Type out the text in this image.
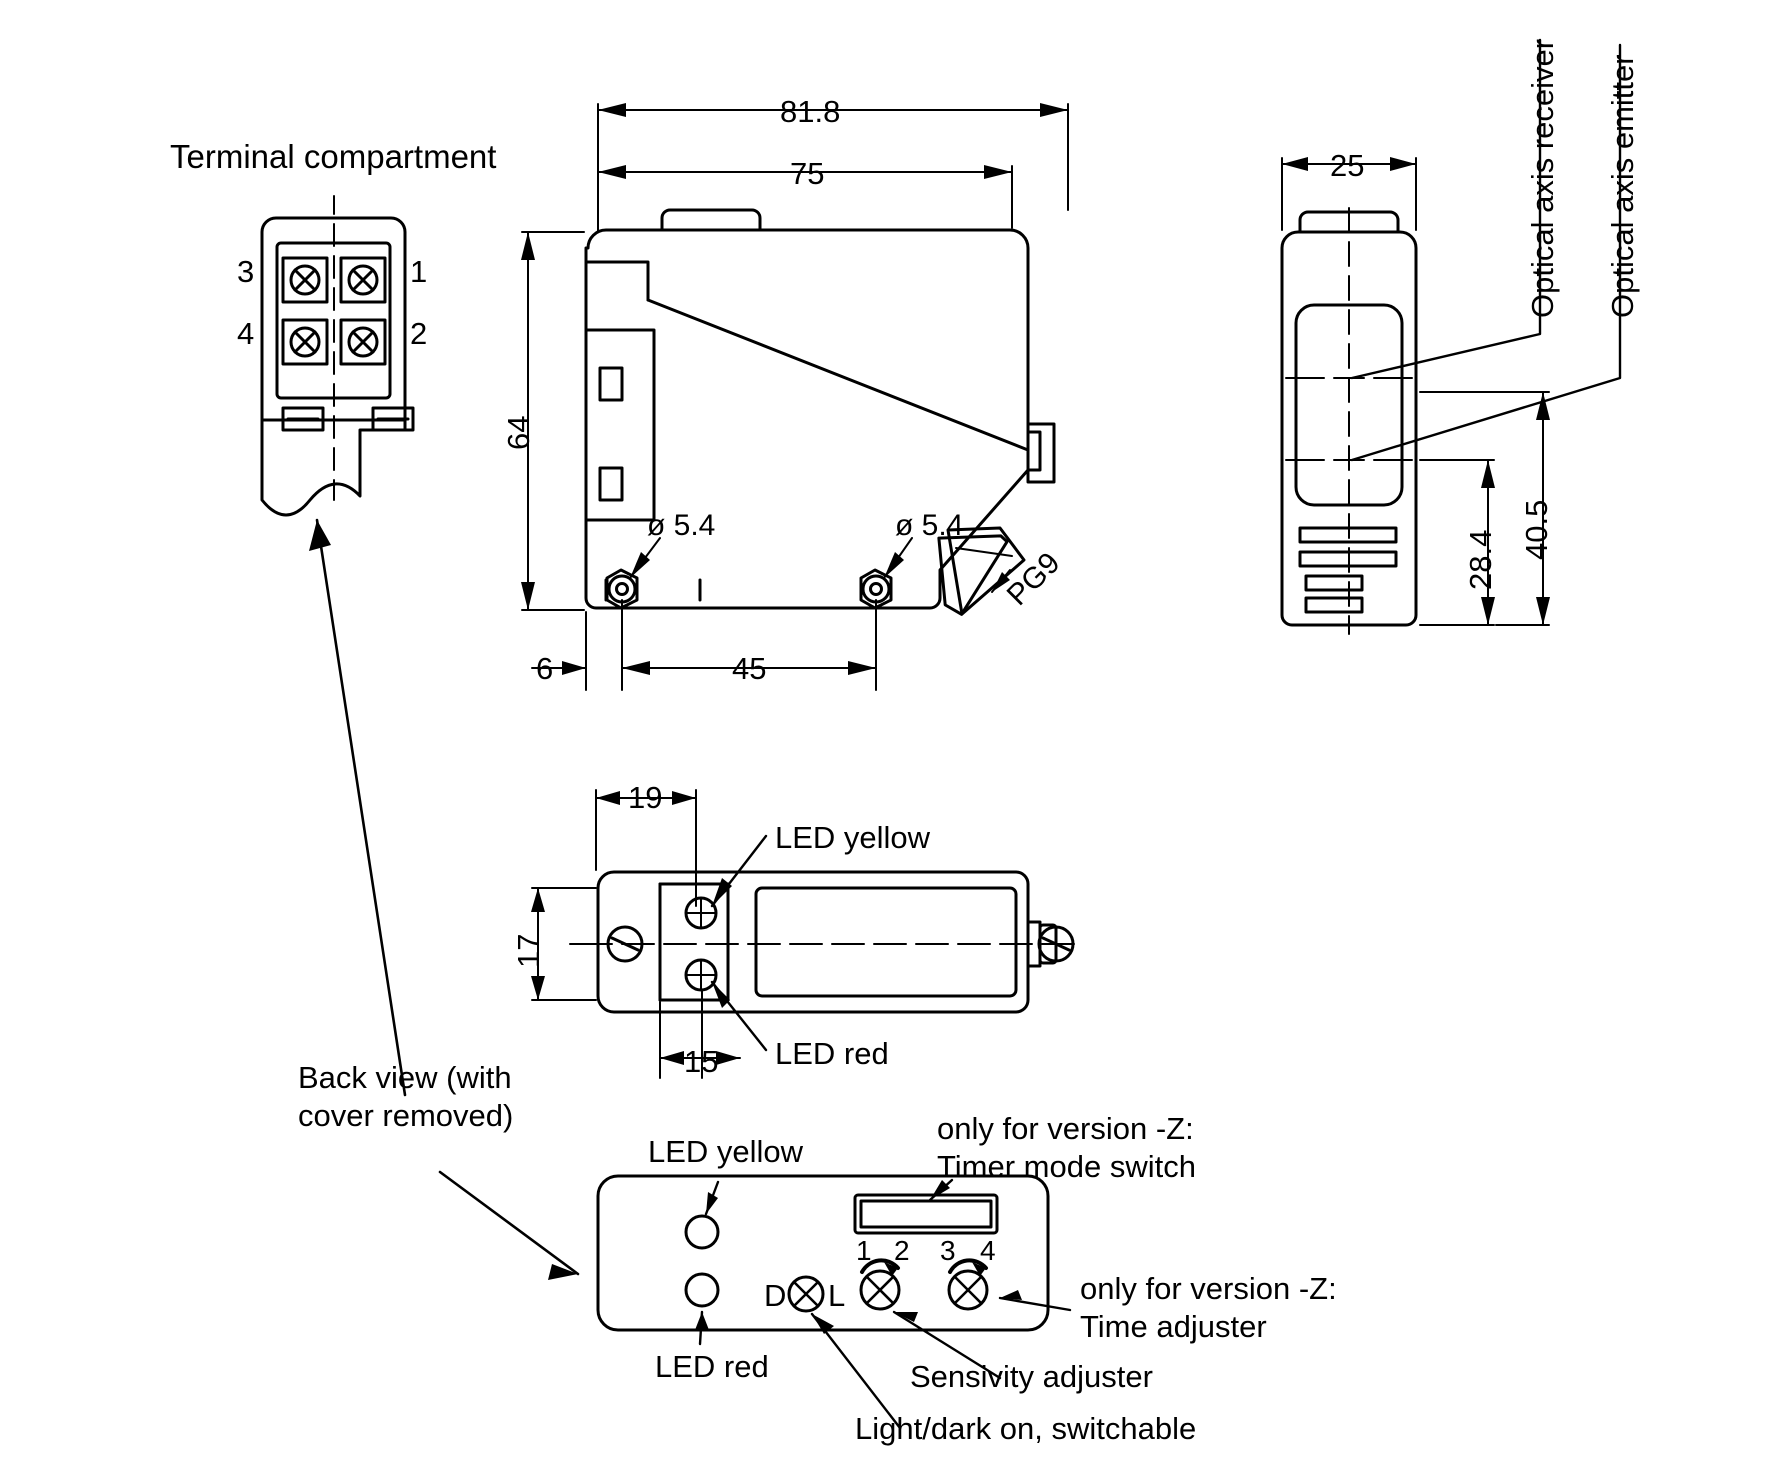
Terminal compartment
3	1
4	2
Back view (with
cover removed)
81.8
75
64
6	45
ø 5.4	ø 5.4
PG9
25
28.4 40.5
Optical axis receiver Optical axis emitter
19
17
15
LED yellow
LED red
LED yellow
LED red
only for version -Z:
Timer mode switch
1 2 3 4
only for version -Z:
Time adjuster
Sensivity adjuster
Light/dark on, switchable
D L
